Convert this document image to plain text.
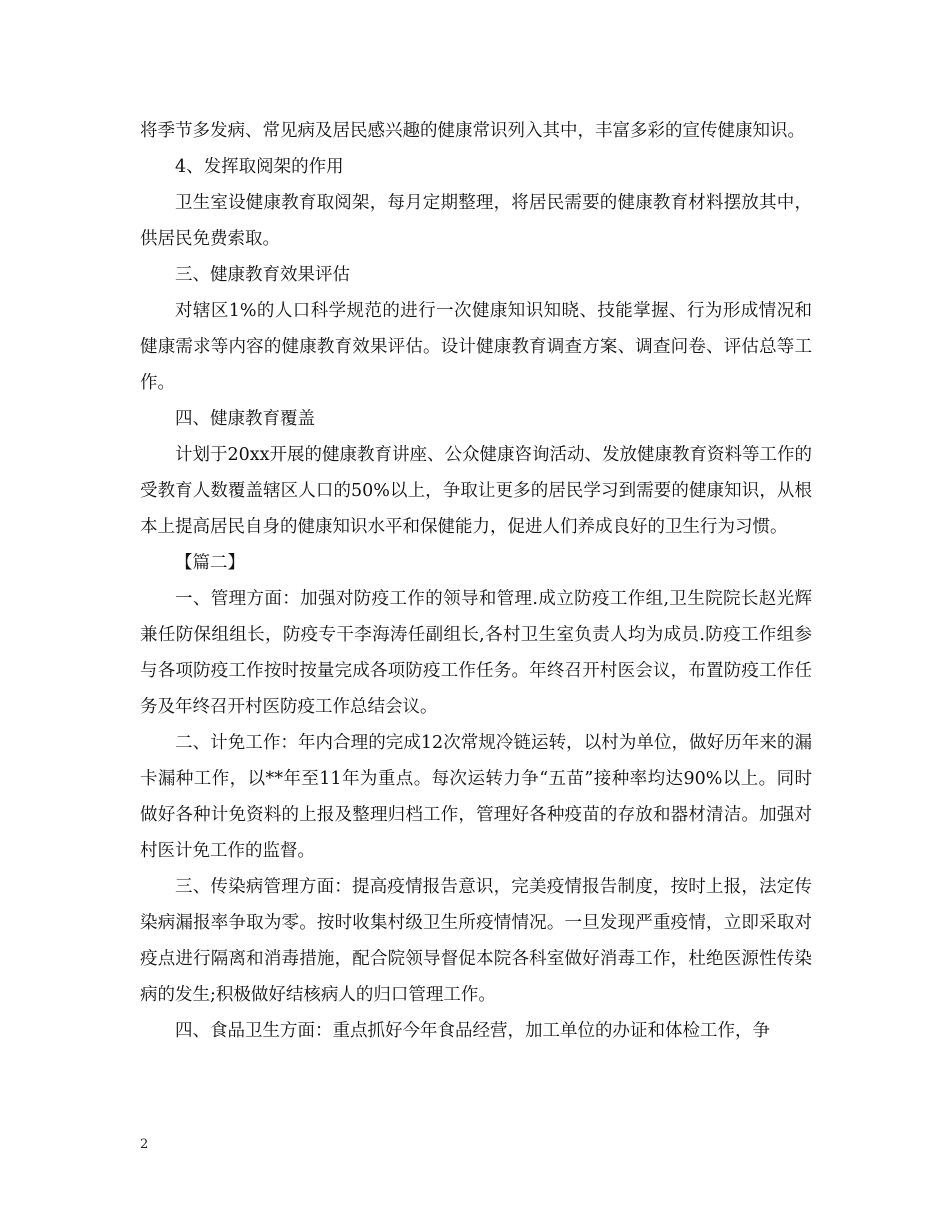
将季节多发病、常见病及居民感兴趣的健康常识列入其中，丰富多彩的宣传健康知识。

4、发挥取阅架的作用

卫生室设健康教育取阅架，每月定期整理，将居民需要的健康教育材料摆放其中，供居民免费索取。

三、健康教育效果评估

对辖区1%的人口科学规范的进行一次健康知识知晓、技能掌握、行为形成情况和健康需求等内容的健康教育效果评估。设计健康教育调查方案、调查问卷、评估总等工作。

四、健康教育覆盖

计划于20xx开展的健康教育讲座、公众健康咨询活动、发放健康教育资料等工作的受教育人数覆盖辖区人口的50%以上，争取让更多的居民学习到需要的健康知识，从根本上提高居民自身的健康知识水平和保健能力，促进人们养成良好的卫生行为习惯。

【篇二】

一、管理方面：加强对防疫工作的领导和管理.成立防疫工作组,卫生院院长赵光辉兼任防保组组长，防疫专干李海涛任副组长,各村卫生室负责人均为成员.防疫工作组参与各项防疫工作按时按量完成各项防疫工作任务。年终召开村医会议，布置防疫工作任务及年终召开村医防疫工作总结会议。

二、计免工作：年内合理的完成12次常规冷链运转，以村为单位，做好历年来的漏卡漏种工作，以**年至11年为重点。每次运转力争“五苗”接种率均达90%以上。同时做好各种计免资料的上报及整理归档工作，管理好各种疫苗的存放和器材清洁。加强对村医计免工作的监督。

三、传染病管理方面：提高疫情报告意识，完美疫情报告制度，按时上报，法定传染病漏报率争取为零。按时收集村级卫生所疫情情况。一旦发现严重疫情，立即采取对疫点进行隔离和消毒措施，配合院领导督促本院各科室做好消毒工作，杜绝医源性传染病的发生;积极做好结核病人的归口管理工作。

四、食品卫生方面：重点抓好今年食品经营，加工单位的办证和体检工作，争

2
